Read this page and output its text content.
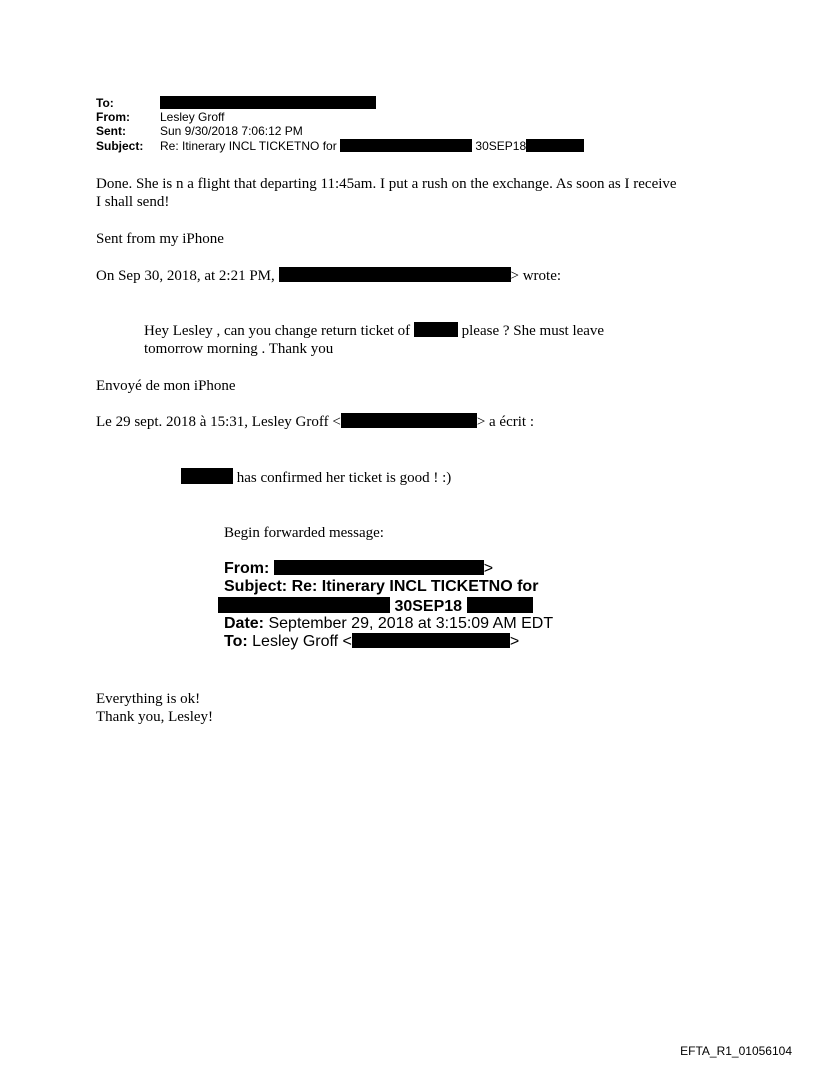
To:
From:	Lesley Groff
Sent:	Sun 9/30/2018 7:06:12 PM
Subject: Re: Itinerary INCL TICKETNO for	30SEP18
Done. She is n a flight that departing 11:45am. I put a rush on the exchange. As soon as I receive
I shall send!
Sent from my iPhone
On Sep 30, 2018, at 2:21 PM,	> wrote:
Hey Lesley , can you change return ticket of	please ? She must leave
tomorrow morning . Thank you
Envoyé de mon iPhone
Le 29 sept. 2018 à 15:31, Lesley Groff <	> a écrit :
has confirmed her ticket is good ! :)
Begin forwarded message:
From:	>
Subject: Re: Itinerary INCL TICKETNO for
30SEP18
Date: September 29, 2018 at 3:15:09 AM EDT
To: Lesley Groff <	>
Everything is ok!
Thank you, Lesley!
EFTA_R1_01056104
